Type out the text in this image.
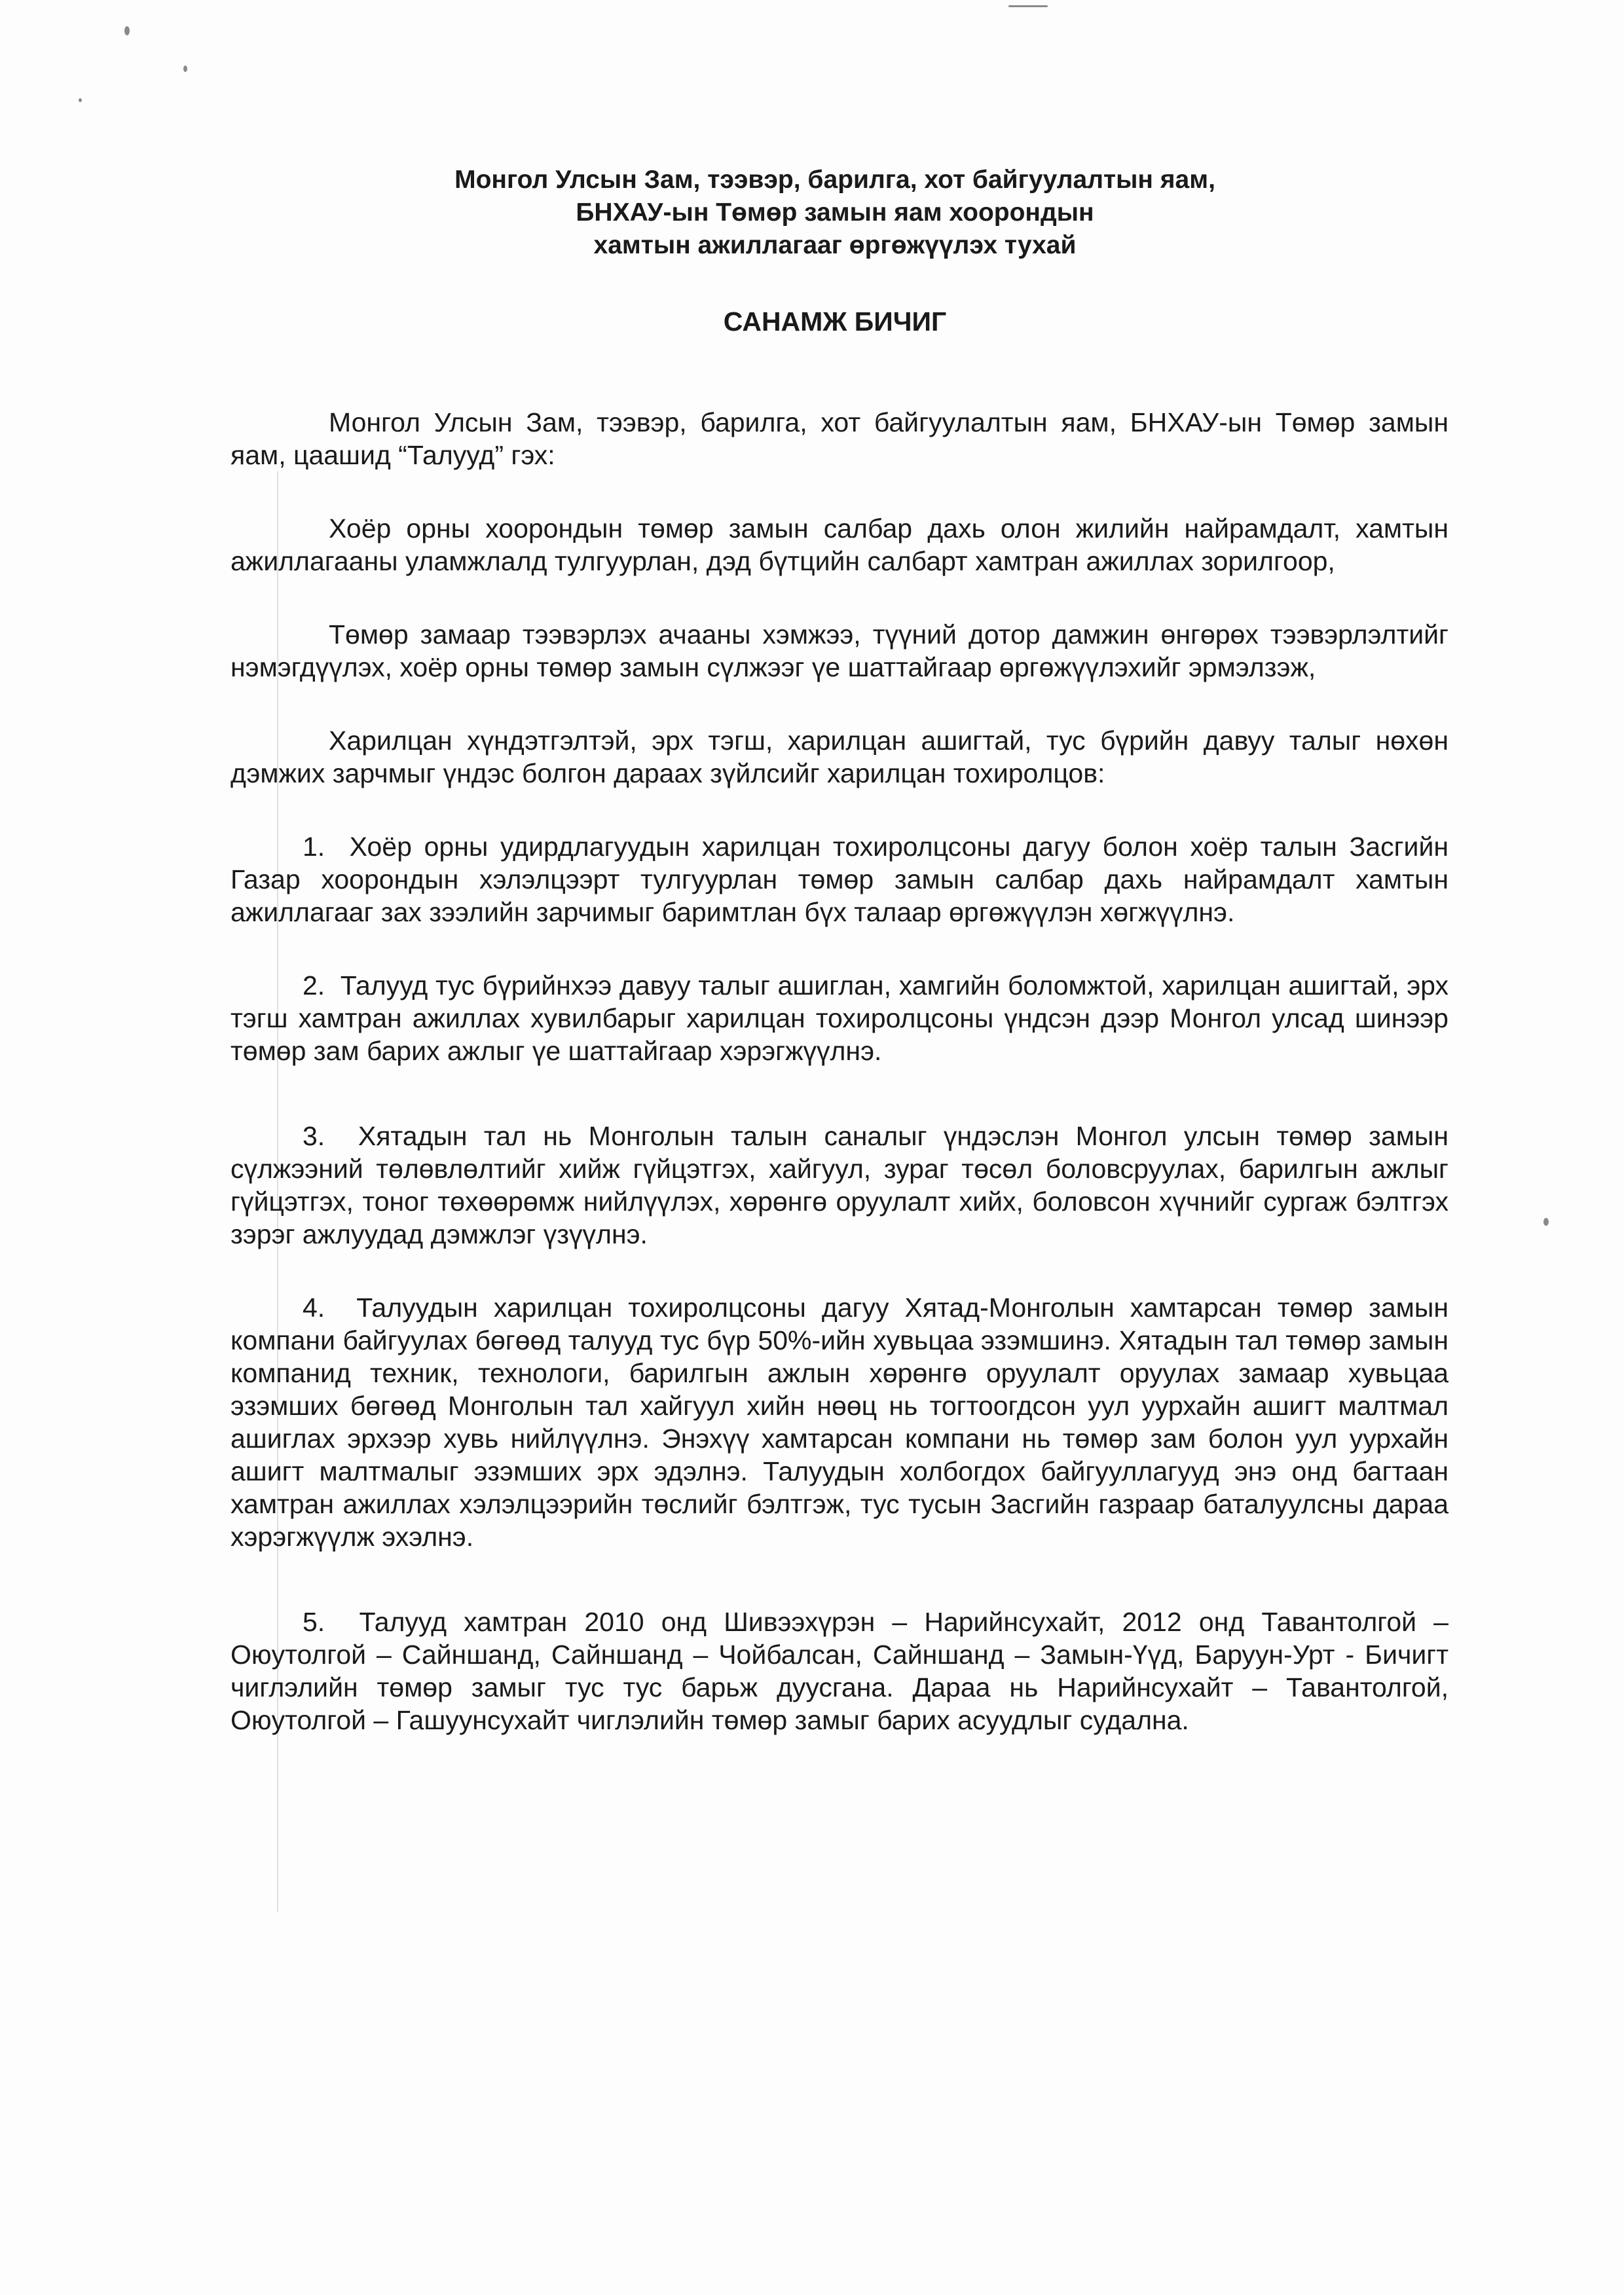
Монгол Улсын Зам, тээвэр, барилга, хот байгуулалтын яам,
БНХАУ-ын Төмөр замын яам хоорондын
хамтын ажиллагааг өргөжүүлэх тухай
САНАМЖ БИЧИГ

Монгол Улсын Зам, тээвэр, барилга, хот байгуулалтын яам, БНХАУ-ын Төмөр замын яам, цаашид “Талууд” гэх:

Хоёр орны хоорондын төмөр замын салбар дахь олон жилийн найрамдалт, хамтын ажиллагааны уламжлалд тулгуурлан, дэд бүтцийн салбарт хамтран ажиллах зорилгоор,

Төмөр замаар тээвэрлэх ачааны хэмжээ, түүний дотор дамжин өнгөрөх тээвэрлэлтийг нэмэгдүүлэх, хоёр орны төмөр замын сүлжээг үе шаттайгаар өргөжүүлэхийг эрмэлзэж,

Харилцан хүндэтгэлтэй, эрх тэгш, харилцан ашигтай, тус бүрийн давуу талыг нөхөн дэмжих зарчмыг үндэс болгон дараах зүйлсийг харилцан тохиролцов:

1. Хоёр орны удирдлагуудын харилцан тохиролцсоны дагуу болон хоёр талын Засгийн Газар хоорондын хэлэлцээрт тулгуурлан төмөр замын салбар дахь найрамдалт хамтын ажиллагааг зах зээлийн зарчимыг баримтлан бүх талаар өргөжүүлэн хөгжүүлнэ.

2. Талууд тус бүрийнхээ давуу талыг ашиглан, хамгийн боломжтой, харилцан ашигтай, эрх тэгш хамтран ажиллах хувилбарыг харилцан тохиролцсоны үндсэн дээр Монгол улсад шинээр төмөр зам барих ажлыг үе шаттайгаар хэрэгжүүлнэ.

3. Хятадын тал нь Монголын талын саналыг үндэслэн Монгол улсын төмөр замын сүлжээний төлөвлөлтийг хийж гүйцэтгэх, хайгуул, зураг төсөл боловсруулах, барилгын ажлыг гүйцэтгэх, тоног төхөөрөмж нийлүүлэх, хөрөнгө оруулалт хийх, боловсон хүчнийг сургаж бэлтгэх зэрэг ажлуудад дэмжлэг үзүүлнэ.

4. Талуудын харилцан тохиролцсоны дагуу Хятад-Монголын хамтарсан төмөр замын компани байгуулах бөгөөд талууд тус бүр 50%-ийн хувьцаа эзэмшинэ. Хятадын тал төмөр замын компанид техник, технологи, барилгын ажлын хөрөнгө оруулалт оруулах замаар хувьцаа эзэмших бөгөөд Монголын тал хайгуул хийн нөөц нь тогтоогдсон уул уурхайн ашигт малтмал ашиглах эрхээр хувь нийлүүлнэ. Энэхүү хамтарсан компани нь төмөр зам болон уул уурхайн ашигт малтмалыг эзэмших эрх эдэлнэ. Талуудын холбогдох байгууллагууд энэ онд багтаан хамтран ажиллах хэлэлцээрийн төслийг бэлтгэж, тус тусын Засгийн газраар баталуулсны дараа хэрэгжүүлж эхэлнэ.

5. Талууд хамтран 2010 онд Шивээхүрэн – Нарийнсухайт, 2012 онд Тавантолгой – Оюутолгой – Сайншанд, Сайншанд – Чойбалсан, Сайншанд – Замын-Үүд, Баруун-Урт - Бичигт чиглэлийн төмөр замыг тус тус барьж дуусгана. Дараа нь Нарийнсухайт – Тавантолгой, Оюутолгой – Гашуунсухайт чиглэлийн төмөр замыг барих асуудлыг судална.
